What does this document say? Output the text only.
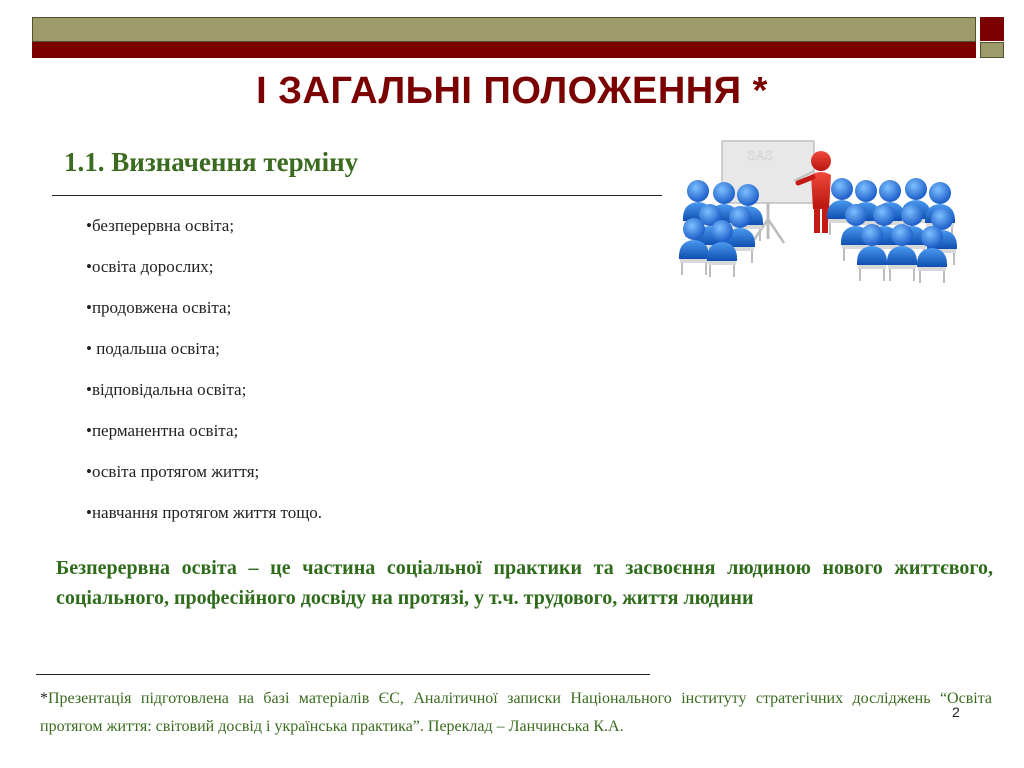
І ЗАГАЛЬНІ ПОЛОЖЕННЯ *
1.1. Визначення терміну
•безперервна освіта;
•освіта дорослих;
•продовжена освіта;
• подальша освіта;
•відповідальна освіта;
•перманентна освіта;
•освіта протягом життя;
•навчання протягом життя тощо.
SAS
Безперервна освіта – це частина соціальної практики та засвоєння людиною нового життєвого, соціального, професійного досвіду на протязі, у т.ч. трудового, життя людини
*Презентація підготовлена на базі матеріалів ЄС, Аналітичної записки Національного інституту стратегічних досліджень “Освіта протягом життя: світовий досвід і українська практика”. Переклад – Ланчинська К.А.
2
